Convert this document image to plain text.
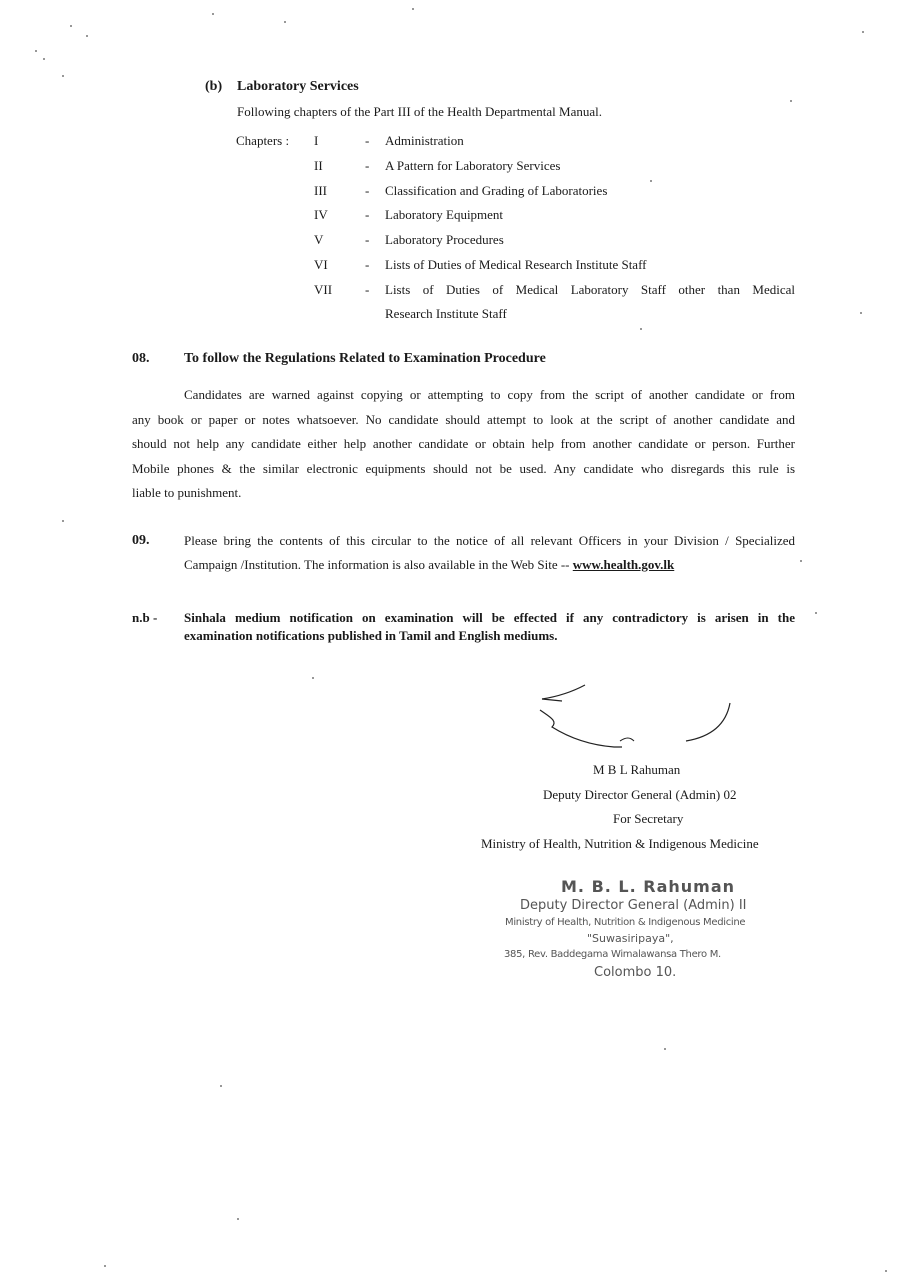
(b) Laboratory Services
Following chapters of the Part III of the Health Departmental Manual.
Chapters : I	- Administration
II	- A Pattern for Laboratory Services
III	- Classification and Grading of Laboratories
IV	- Laboratory Equipment
V	- Laboratory Procedures
VI	- Lists of Duties of Medical Research Institute Staff
VII	- Lists of Duties of Medical Laboratory Staff other than Medical
Research Institute Staff
08. To follow the Regulations Related to Examination Procedure
Candidates are warned against copying or attempting to copy from the script of another candidate or from
any book or paper or notes whatsoever. No candidate should attempt to look at the script of another candidate and
should not help any candidate either help another candidate or obtain help from another candidate or person. Further
Mobile phones & the similar electronic equipments should not be used. Any candidate who disregards this rule is
liable to punishment.
09.	Please bring the contents of this circular to the notice of all relevant Officers in your Division / Specialized
Campaign /Institution. The information is also available in the Web Site -- www.health.gov.lk
n.b - Sinhala medium notification on examination will be effected if any contradictory is arisen in the
examination notifications published in Tamil and English mediums.
M B L Rahuman
Deputy Director General (Admin) 02
For Secretary
Ministry of Health, Nutrition & Indigenous Medicine
M. B. L. Rahuman
Deputy Director General (Admin) II
Ministry of Health, Nutrition & Indigenous Medicine
"Suwasiripaya",
385, Rev. Baddegama Wimalawansa Thero M.
Colombo 10.
